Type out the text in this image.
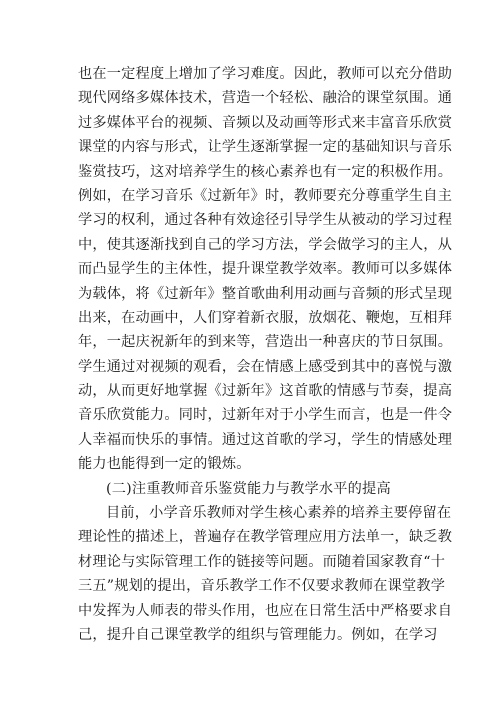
也在一定程度上增加了学习难度。因此，教师可以充分借助
现代网络多媒体技术，营造一个轻松、融洽的课堂氛围。通
过多媒体平台的视频、音频以及动画等形式来丰富音乐欣赏
课堂的内容与形式，让学生逐渐掌握一定的基础知识与音乐
鉴赏技巧，这对培养学生的核心素养也有一定的积极作用。
例如，在学习音乐《过新年》时，教师要充分尊重学生自主
学习的权利，通过各种有效途径引导学生从被动的学习过程
中，使其逐渐找到自己的学习方法，学会做学习的主人，从
而凸显学生的主体性，提升课堂教学效率。教师可以多媒体
为载体，将《过新年》整首歌曲利用动画与音频的形式呈现
出来，在动画中，人们穿着新衣服，放烟花、鞭炮，互相拜
年，一起庆祝新年的到来等，营造出一种喜庆的节日氛围。
学生通过对视频的观看，会在情感上感受到其中的喜悦与激
动，从而更好地掌握《过新年》这首歌的情感与节奏，提高
音乐欣赏能力。同时，过新年对于小学生而言，也是一件令
人幸福而快乐的事情。通过这首歌的学习，学生的情感处理
能力也能得到一定的锻炼。
(二)注重教师音乐鉴赏能力与教学水平的提高
目前，小学音乐教师对学生核心素养的培养主要停留在
理论性的描述上，普遍存在教学管理应用方法单一，缺乏教
材理论与实际管理工作的链接等问题。而随着国家教育“十
三五”规划的提出，音乐教学工作不仅要求教师在课堂教学
中发挥为人师表的带头作用，也应在日常生活中严格要求自
己，提升自己课堂教学的组织与管理能力。例如，在学习
